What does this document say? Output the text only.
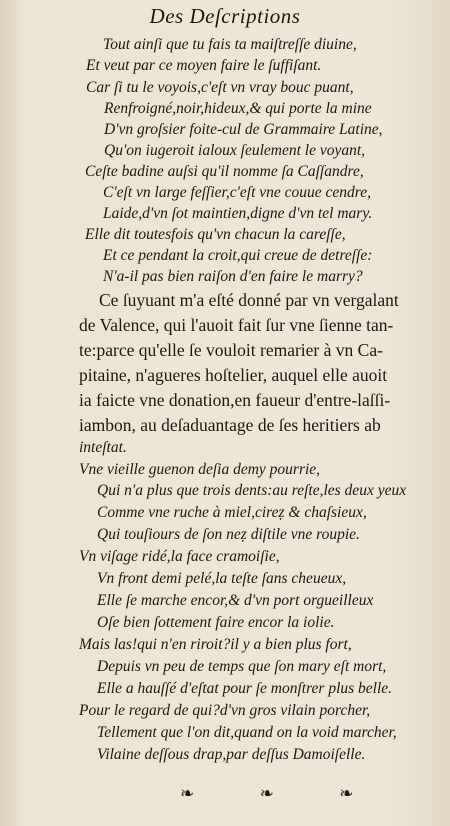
Des Deſcriptions
Tout ainſi que tu fais ta maiſtreſſe diuine,
Et veut par ce moyen faire le ſuffiſant.
Car ſi tu le voyois,c'eſt vn vray bouc puant,
Renfroigné,noir,hideux,& qui porte la mine
D'vn groſsier foite-cul de Grammaire Latine,
Qu'on iugeroit ialoux ſeulement le voyant,
Ceſte badine auſsi qu'il nomme ſa Caſſandre,
C'eſt vn large feſſier,c'eſt vne couue cendre,
Laide,d'vn ſot maintien,digne d'vn tel mary.
Elle dit toutesfois qu'vn chacun la careſſe,
Et ce pendant la croit,qui creue de detreſſe:
N'a-il pas bien raiſon d'en faire le marry?
Ce ſuyuant m'a eſté donné par vn vergalant
de Valence, qui l'auoit fait ſur vne ſienne tan-
te:parce qu'elle ſe vouloit remarier à vn Ca-
pitaine, n'agueres hoſtelier, auquel elle auoit
ia faicte vne donation,en faueur d'entre-laſſi-
iambon, au deſaduantage de ſes heritiers ab
inteſtat.
Vne vieille guenon deſia demy pourrie,
Qui n'a plus que trois dents:au reſte,les deux yeux
Comme vne ruche à miel,cireẓ & chaſsieux,
Qui touſiours de ſon neẓ diſtile vne roupie.
Vn viſage ridé,la face cramoiſie,
Vn front demi pelé,la teſte ſans cheueux,
Elle ſe marche encor,& d'vn port orgueilleux
Oſe bien ſottement faire encor la iolie.
Mais las!qui n'en riroit?il y a bien plus fort,
Depuis vn peu de temps que ſon mary eſt mort,
Elle a hauſſé d'eſtat pour ſe monſtrer plus belle.
Pour le regard de qui?d'vn gros vilain porcher,
Tellement que l'on dit,quand on la void marcher,
Vilaine deſſous drap,par deſſus Damoiſelle.
❧ ❧ ❧
